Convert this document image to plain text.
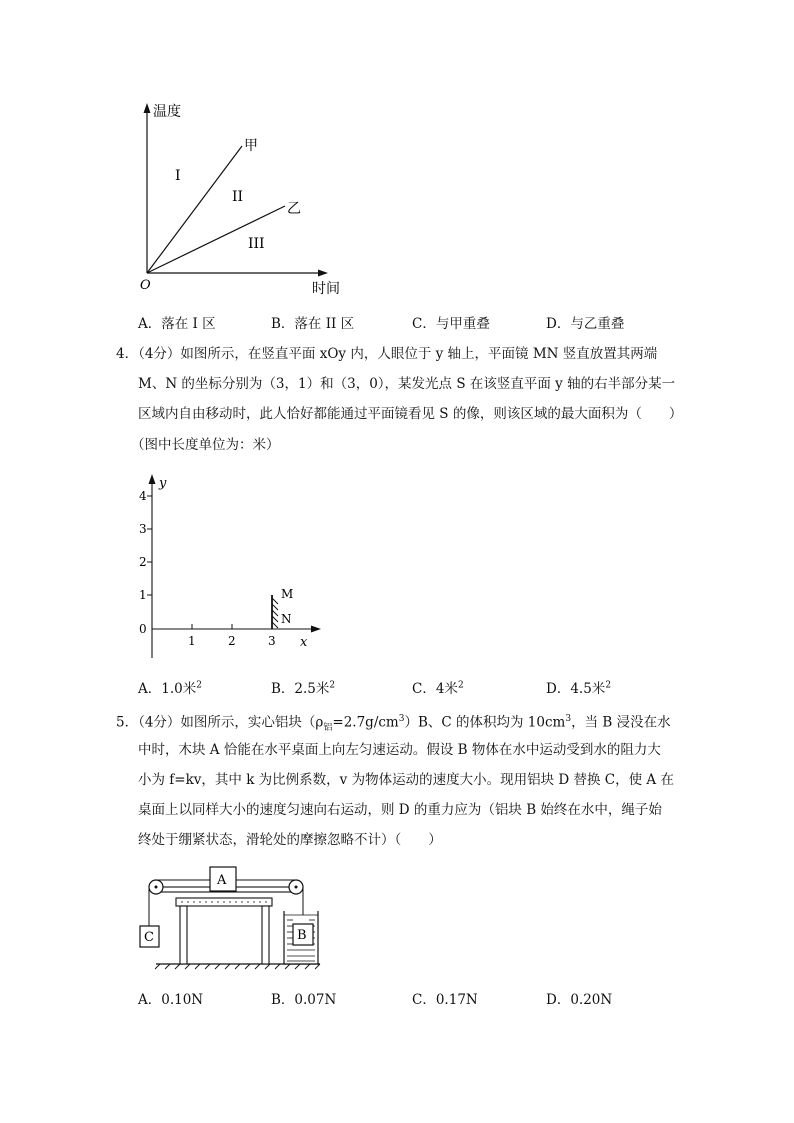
温度
时间
O
甲
乙
I
II
III
A．落在 I 区	B．落在 II 区	C．与甲重叠	D．与乙重叠
4．（4分）如图所示，在竖直平面 xOy 内，人眼位于 y 轴上，平面镜 MN 竖直放置其两端
M、N 的坐标分别为（3，1）和（3，0），某发光点 S 在该竖直平面 y 轴的右半部分某一
区域内自由移动时，此人恰好都能通过平面镜看见 S 的像，则该区域的最大面积为（　　）
（图中长度单位为：米）
y
x
4
3
2
1
0
1	2	3
M
N
A．1.0米$^2$	B．2.5米$^2$	C．4米$^2$	D．4.5米$^2$
5．（4分）如图所示，实心铝块$(\rho_铝=2.7g/cm^3)B$、C 的体积均为 $10cm^3$，当 B 浸没在水
中时，木块 A 恰能在水平桌面上向左匀速运动。假设 B 物体在水中运动受到水的阻力大
小为 f=kv，其中 k 为比例系数，v 为物体运动的速度大小。现用铝块 D 替换 C，使 A 在
桌面上以同样大小的速度匀速向右运动，则 D 的重力应为（铝块 B 始终在水中，绳子始
终处于绷紧状态，滑轮处的摩擦忽略不计）（　　）
A
C	B
A．0.10N	B．0.07N	C．0.17N	D．0.20N
